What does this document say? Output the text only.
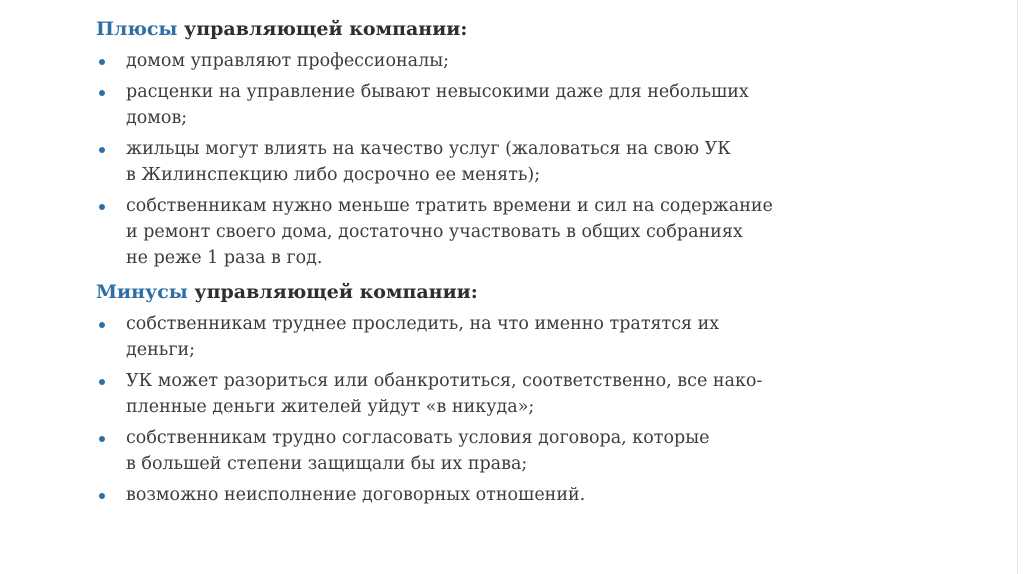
Плюсы управляющей компании:
домом управляют профессионалы;
расценки на управление бывают невысокими даже для небольших
домов;
жильцы могут влиять на качество услуг (жаловаться на свою УК
в Жилинспекцию либо досрочно ее менять);
собственникам нужно меньше тратить времени и сил на содержание
и ремонт своего дома, достаточно участвовать в общих собраниях
не реже 1 раза в год.
Минусы управляющей компании:
собственникам труднее проследить, на что именно тратятся их
деньги;
УК может разориться или обанкротиться, соответственно, все нако-
пленные деньги жителей уйдут «в никуда»;
собственникам трудно согласовать условия договора, которые
в большей степени защищали бы их права;
возможно неисполнение договорных отношений.
